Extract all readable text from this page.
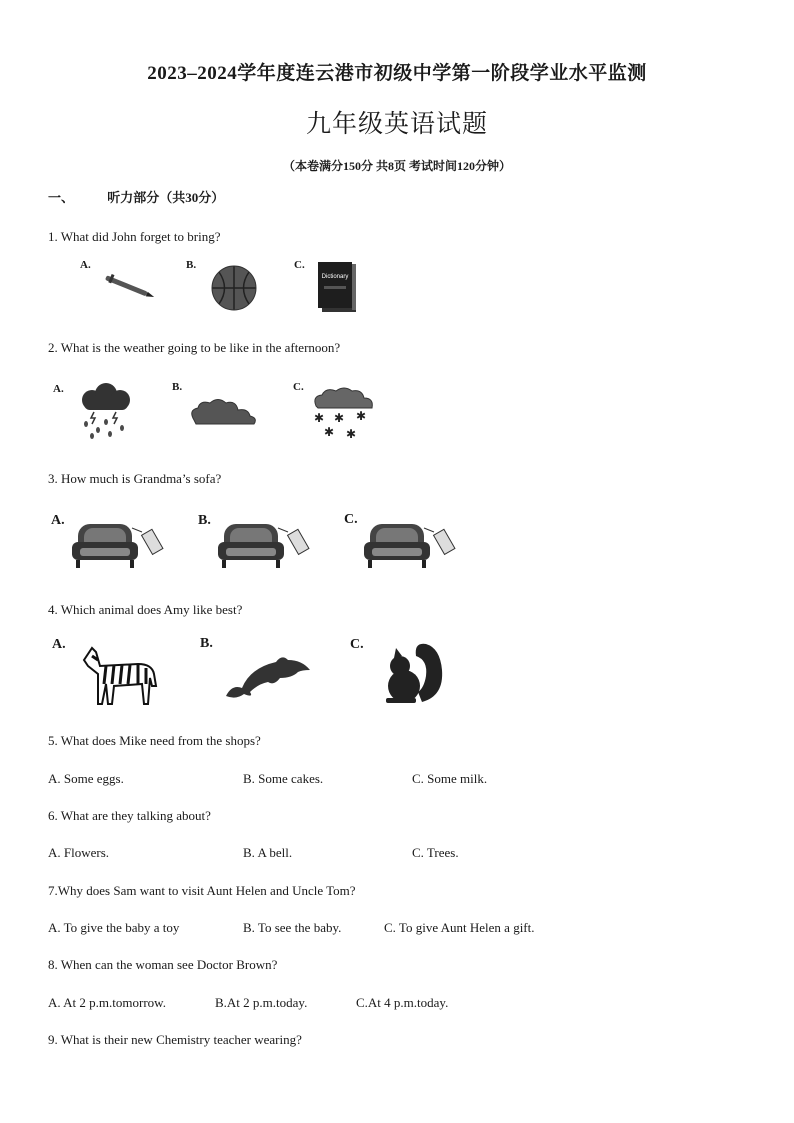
2023–2024学年度连云港市初级中学第一阶段学业水平监测
九年级英语试题
（本卷满分150分 共8页 考试时间120分钟）
一、	听力部分（共30分）
1. What did John forget to bring?
A.	B.	C.
Dictionary
2. What is the weather going to be like in the afternoon?
A.	B.	C.
✱ ✱ ✱
✱ ✱
3. How much is Grandma’s sofa?
A.	B.	C.
4. Which animal does Amy like best?
A.	B.	C.
5. What does Mike need from the shops?
A. Some eggs.	B. Some cakes.	C. Some milk.
6. What are they talking about?
A. Flowers.	B. A bell.	C. Trees.
7.Why does Sam want to visit Aunt Helen and Uncle Tom?
A. To give the baby a toy	B. To see the baby.	C. To give Aunt Helen a gift.
8. When can the woman see Doctor Brown?
A. At 2 p.m.tomorrow.	B.At 2 p.m.today.	C.At 4 p.m.today.
9. What is their new Chemistry teacher wearing?
